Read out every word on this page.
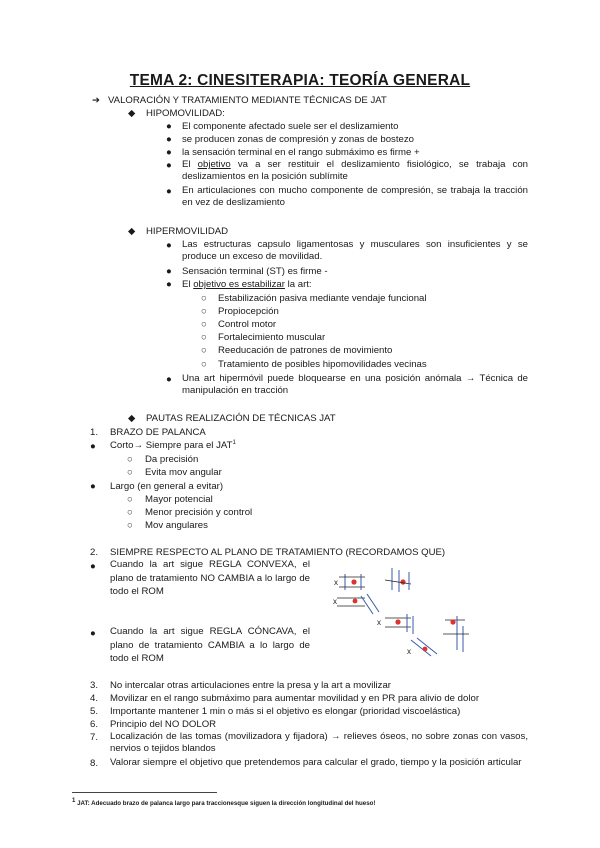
TEMA 2: CINESITERAPIA: TEORÍA GENERAL
➔ VALORACIÓN Y TRATAMIENTO MEDIANTE TÉCNICAS DE JAT
◆ HIPOMOVILIDAD:
● El componente afectado suele ser el deslizamiento
● se producen zonas de compresión y zonas de bostezo
● la sensación terminal en el rango submáximo es firme +
● El objetivo va a ser restituir el deslizamiento fisiológico, se trabaja con deslizamientos en la posición sublímite
● En articulaciones con mucho componente de compresión, se trabaja la tracción en vez de deslizamiento
◆ HIPERMOVILIDAD
● Las estructuras capsulo ligamentosas y musculares son insuficientes y se produce un exceso de movilidad.
● Sensación terminal (ST) es firme -
● El objetivo es estabilizar la art:
○ Estabilización pasiva mediante vendaje funcional
○ Propiocepción
○ Control motor
○ Fortalecimiento muscular
○ Reeducación de patrones de movimiento
○ Tratamiento de posibles hipomovilidades vecinas
● Una art hipermóvil puede bloquearse en una posición anómala → Técnica de manipulación en tracción
◆ PAUTAS REALIZACIÓN DE TÉCNICAS JAT
1. BRAZO DE PALANCA
● Corto→ Siempre para el JAT$^1$
○ Da precisión
○ Evita mov angular
● Largo (en general a evitar)
○ Mayor potencial
○ Menor precisión y control
○ Mov angulares
2. SIEMPRE RESPECTO AL PLANO DE TRATAMIENTO (RECORDAMOS QUE)
● Cuando la art sigue REGLA CONVEXA, el plano de tratamiento NO CAMBIA a lo largo de todo el ROM
● Cuando la art sigue REGLA CÓNCAVA, el plano de tratamiento CAMBIA a lo largo de todo el ROM
x
x
x
x
3. No intercalar otras articulaciones entre la presa y la art a movilizar
4. Movilizar en el rango submáximo para aumentar movilidad y en PR para alivio de dolor
5. Importante mantener 1 min o más si el objetivo es elongar (prioridad viscoelástica)
6. Principio del NO DOLOR
7. Localización de las tomas (movilizadora y fijadora) → relieves óseos, no sobre zonas con vasos, nervios o tejidos blandos
8. Valorar siempre el objetivo que pretendemos para calcular el grado, tiempo y la posición articular
1 JAT: Adecuado brazo de palanca largo para traccionesque siguen la dirección longitudinal del hueso!
